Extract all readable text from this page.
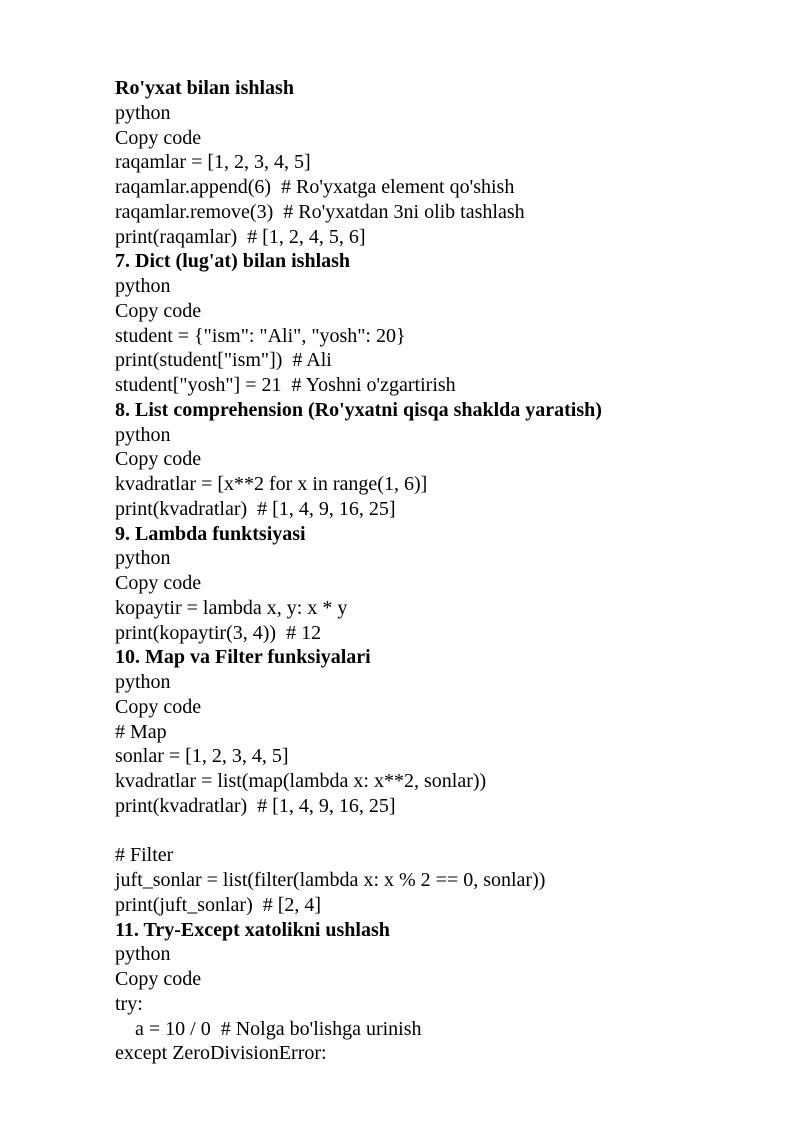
Ro'yxat bilan ishlash
python
Copy code
raqamlar = [1, 2, 3, 4, 5]
raqamlar.append(6)  # Ro'yxatga element qo'shish
raqamlar.remove(3)  # Ro'yxatdan 3ni olib tashlash
print(raqamlar)  # [1, 2, 4, 5, 6]
7. Dict (lug'at) bilan ishlash
python
Copy code
student = {"ism": "Ali", "yosh": 20}
print(student["ism"])  # Ali
student["yosh"] = 21  # Yoshni o'zgartirish
8. List comprehension (Ro'yxatni qisqa shaklda yaratish)
python
Copy code
kvadratlar = [x**2 for x in range(1, 6)]
print(kvadratlar)  # [1, 4, 9, 16, 25]
9. Lambda funktsiyasi
python
Copy code
kopaytir = lambda x, y: x * y
print(kopaytir(3, 4))  # 12
10. Map va Filter funksiyalari
python
Copy code
# Map
sonlar = [1, 2, 3, 4, 5]
kvadratlar = list(map(lambda x: x**2, sonlar))
print(kvadratlar)  # [1, 4, 9, 16, 25]
# Filter
juft_sonlar = list(filter(lambda x: x % 2 == 0, sonlar))
print(juft_sonlar)  # [2, 4]
11. Try-Except xatolikni ushlash
python
Copy code
try:
a = 10 / 0  # Nolga bo'lishga urinish
except ZeroDivisionError:
